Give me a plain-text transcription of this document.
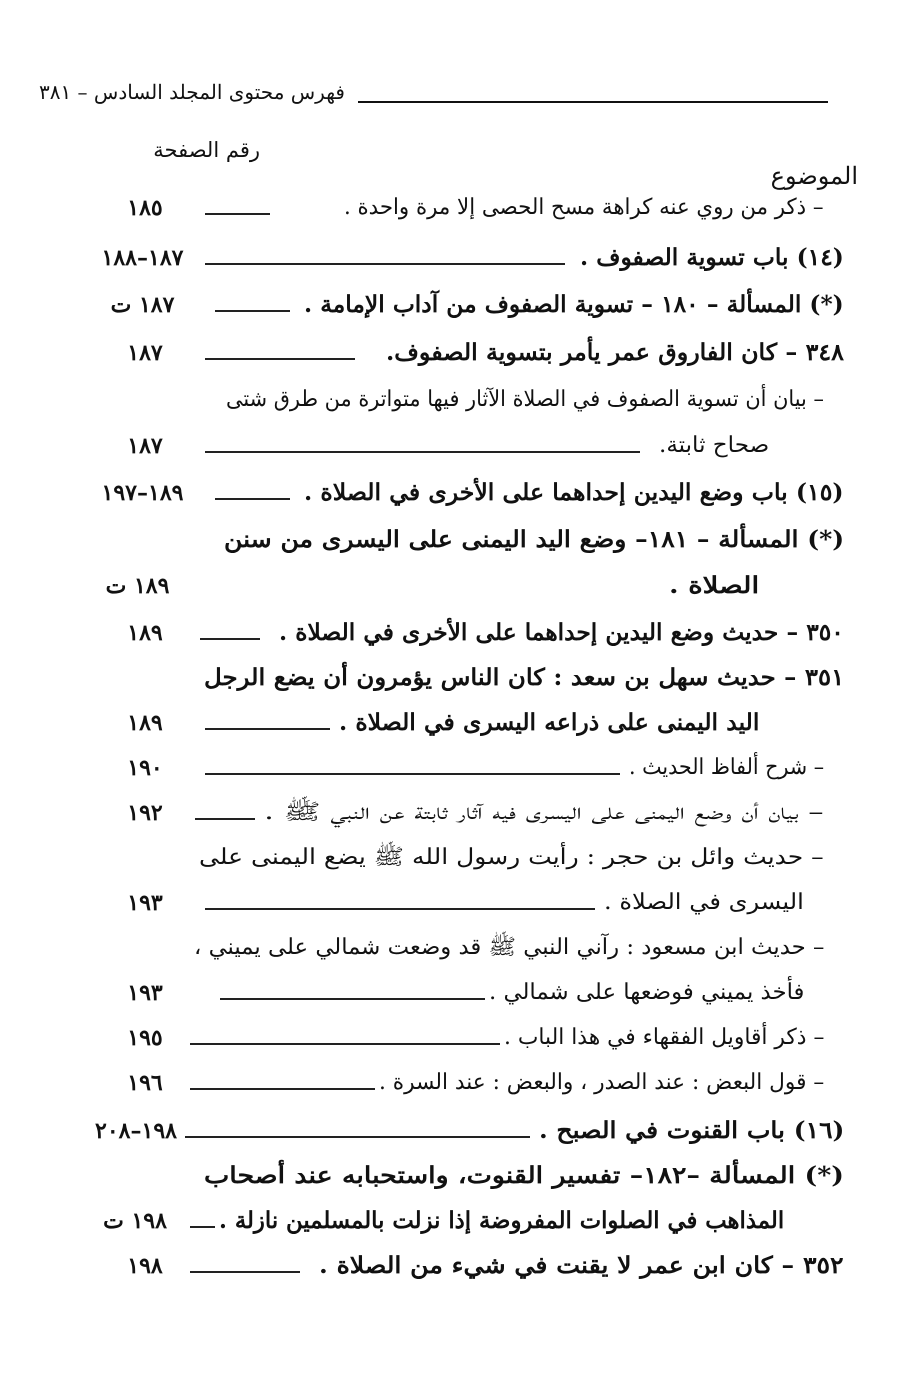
فهرس محتوى المجلد السادس – ٣٨١
رقم الصفحة
الموضوع
– ذكر من روي عنه كراهة مسح الحصى إلا مرة واحدة .
١٨٥
(١٤) باب تسوية الصفوف .
١٨٧–١٨٨
(*) المسألة – ١٨٠ – تسوية الصفوف من آداب الإمامة .
١٨٧ ت
٣٤٨ – كان الفاروق عمر يأمر بتسوية الصفوف.
١٨٧
– بيان أن تسوية الصفوف في الصلاة الآثار فيها متواترة من طرق شتى
صحاح ثابتة.
١٨٧
(١٥) باب وضع اليدين إحداهما على الأخرى في الصلاة .
١٨٩–١٩٧
(*) المسألة – ١٨١– وضع اليد اليمنى على اليسرى من سنن
الصلاة .
١٨٩ ت
٣٥٠ – حديث وضع اليدين إحداهما على الأخرى في الصلاة .
١٨٩
٣٥١ – حديث سهل بن سعد : كان الناس يؤمرون أن يضع الرجل
اليد اليمنى على ذراعه اليسرى في الصلاة .
١٨٩
– شرح ألفاظ الحديث .
١٩٠
– بيان أن وضع اليمنى على اليسرى فيه آثار ثابتة عن النبي ﷺ .
١٩٢
– حديث وائل بن حجر : رأيت رسول الله ﷺ يضع اليمنى على
اليسرى في الصلاة .
١٩٣
– حديث ابن مسعود : رآني النبي ﷺ قد وضعت شمالي على يميني ،
فأخذ يميني فوضعها على شمالي .
١٩٣
– ذكر أقاويل الفقهاء في هذا الباب .
١٩٥
– قول البعض : عند الصدر ، والبعض : عند السرة .
١٩٦
(١٦) باب القنوت في الصبح .
١٩٨–٢٠٨
(*) المسألة –١٨٢– تفسير القنوت، واستحبابه عند أصحاب
المذاهب في الصلوات المفروضة إذا نزلت بالمسلمين نازلة .
١٩٨ ت
٣٥٢ – كان ابن عمر لا يقنت في شيء من الصلاة .
١٩٨
